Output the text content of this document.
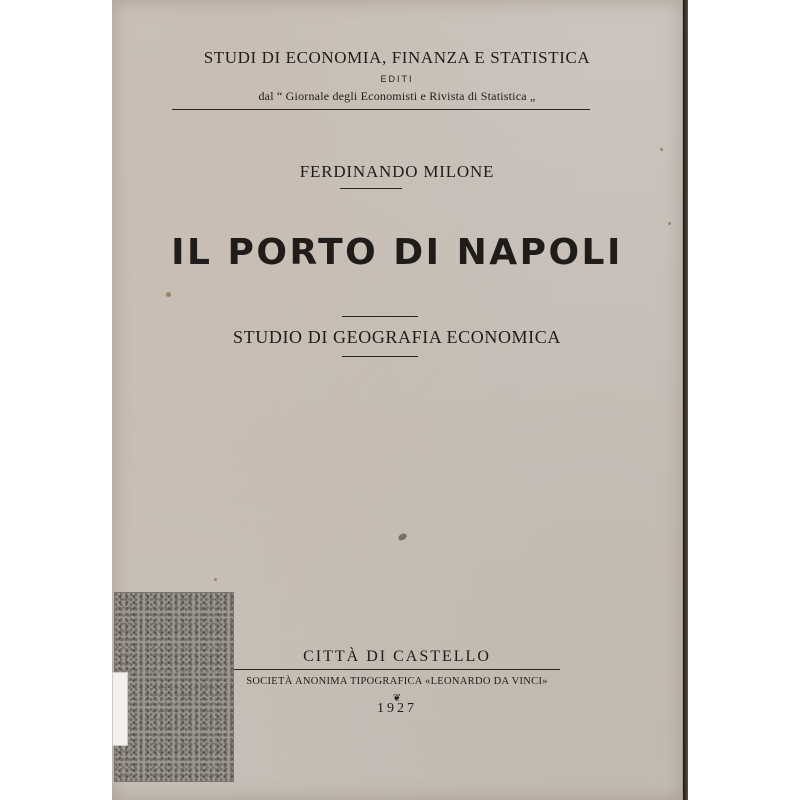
STUDI DI ECONOMIA, FINANZA E STATISTICA
EDITI
dal “ Giornale degli Economisti e Rivista di Statistica „
FERDINANDO MILONE
IL PORTO DI NAPOLI
STUDIO DI GEOGRAFIA ECONOMICA
CITTÀ DI CASTELLO
SOCIETÀ ANONIMA TIPOGRAFICA «LEONARDO DA VINCI»
❦
1927
